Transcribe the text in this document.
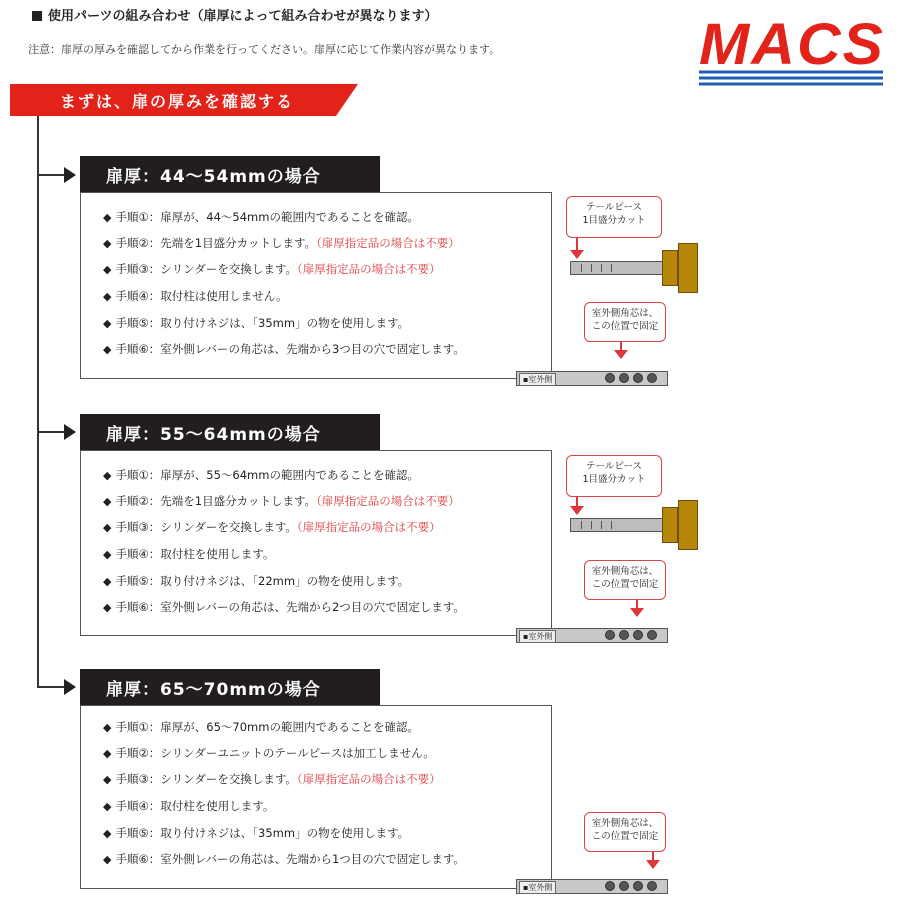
使用パーツの組み合わせ（扉厚によって組み合わせが異なります）
注意：扉厚の厚みを確認してから作業を行ってください。扉厚に応じて作業内容が異なります。	MACS
まずは、扉の厚みを確認する
◆ 手順①：扉厚が、44～54mmの範囲内であることを確認。
◆ 手順②：先端を1目盛分カットします。（扉厚指定品の場合は不要）
◆ 手順③：シリンダーを交換します。（扉厚指定品の場合は不要）
◆ 手順④：取付柱は使用しません。
◆ 手順⑤：取り付けネジは、「35mm」の物を使用します。
◆ 手順⑥：室外側レバーの角芯は、先端から3つ目の穴で固定します。
扉厚：44～54mmの場合
テールピース
1目盛分カット
室外側角芯は、
この位置で固定
▪室外側
◆ 手順①：扉厚が、55～64mmの範囲内であることを確認。
◆ 手順②：先端を1目盛分カットします。（扉厚指定品の場合は不要）
◆ 手順③：シリンダーを交換します。（扉厚指定品の場合は不要）
◆ 手順④：取付柱を使用します。
◆ 手順⑤：取り付けネジは、「22mm」の物を使用します。
◆ 手順⑥：室外側レバーの角芯は、先端から2つ目の穴で固定します。
扉厚：55～64mmの場合
テールピース
1目盛分カット
室外側角芯は、
この位置で固定
▪室外側
◆ 手順①：扉厚が、65～70mmの範囲内であることを確認。
◆ 手順②：シリンダーユニットのテールピースは加工しません。
◆ 手順③：シリンダーを交換します。（扉厚指定品の場合は不要）
◆ 手順④：取付柱を使用します。
◆ 手順⑤：取り付けネジは、「35mm」の物を使用します。
◆ 手順⑥：室外側レバーの角芯は、先端から1つ目の穴で固定します。
扉厚：65～70mmの場合
室外側角芯は、
この位置で固定
▪室外側
